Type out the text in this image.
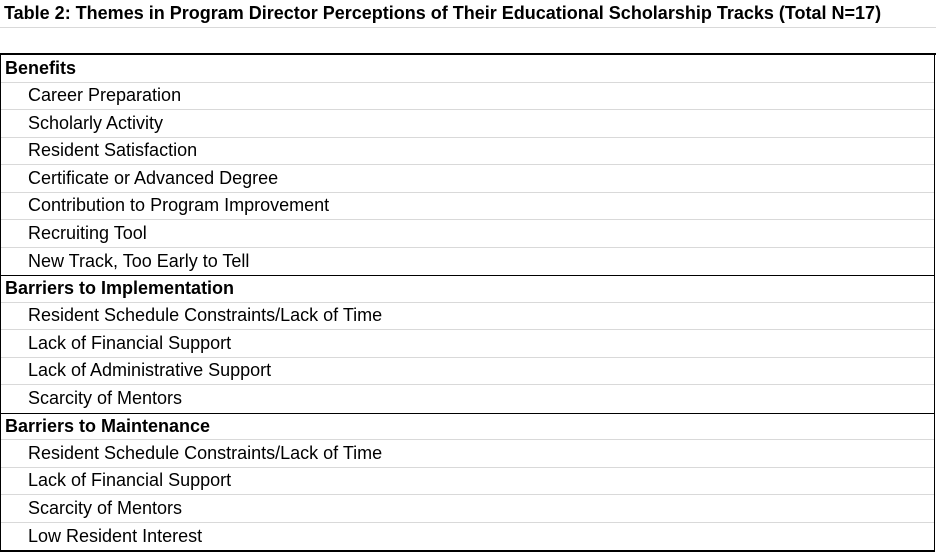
Table 2: Themes in Program Director Perceptions of Their Educational Scholarship Tracks (Total N=17)
Benefits
Career Preparation
Scholarly Activity
Resident Satisfaction
Certificate or Advanced Degree
Contribution to Program Improvement
Recruiting Tool
New Track, Too Early to Tell
Barriers to Implementation
Resident Schedule Constraints/Lack of Time
Lack of Financial Support
Lack of Administrative Support
Scarcity of Mentors
Barriers to Maintenance
Resident Schedule Constraints/Lack of Time
Lack of Financial Support
Scarcity of Mentors
Low Resident Interest
